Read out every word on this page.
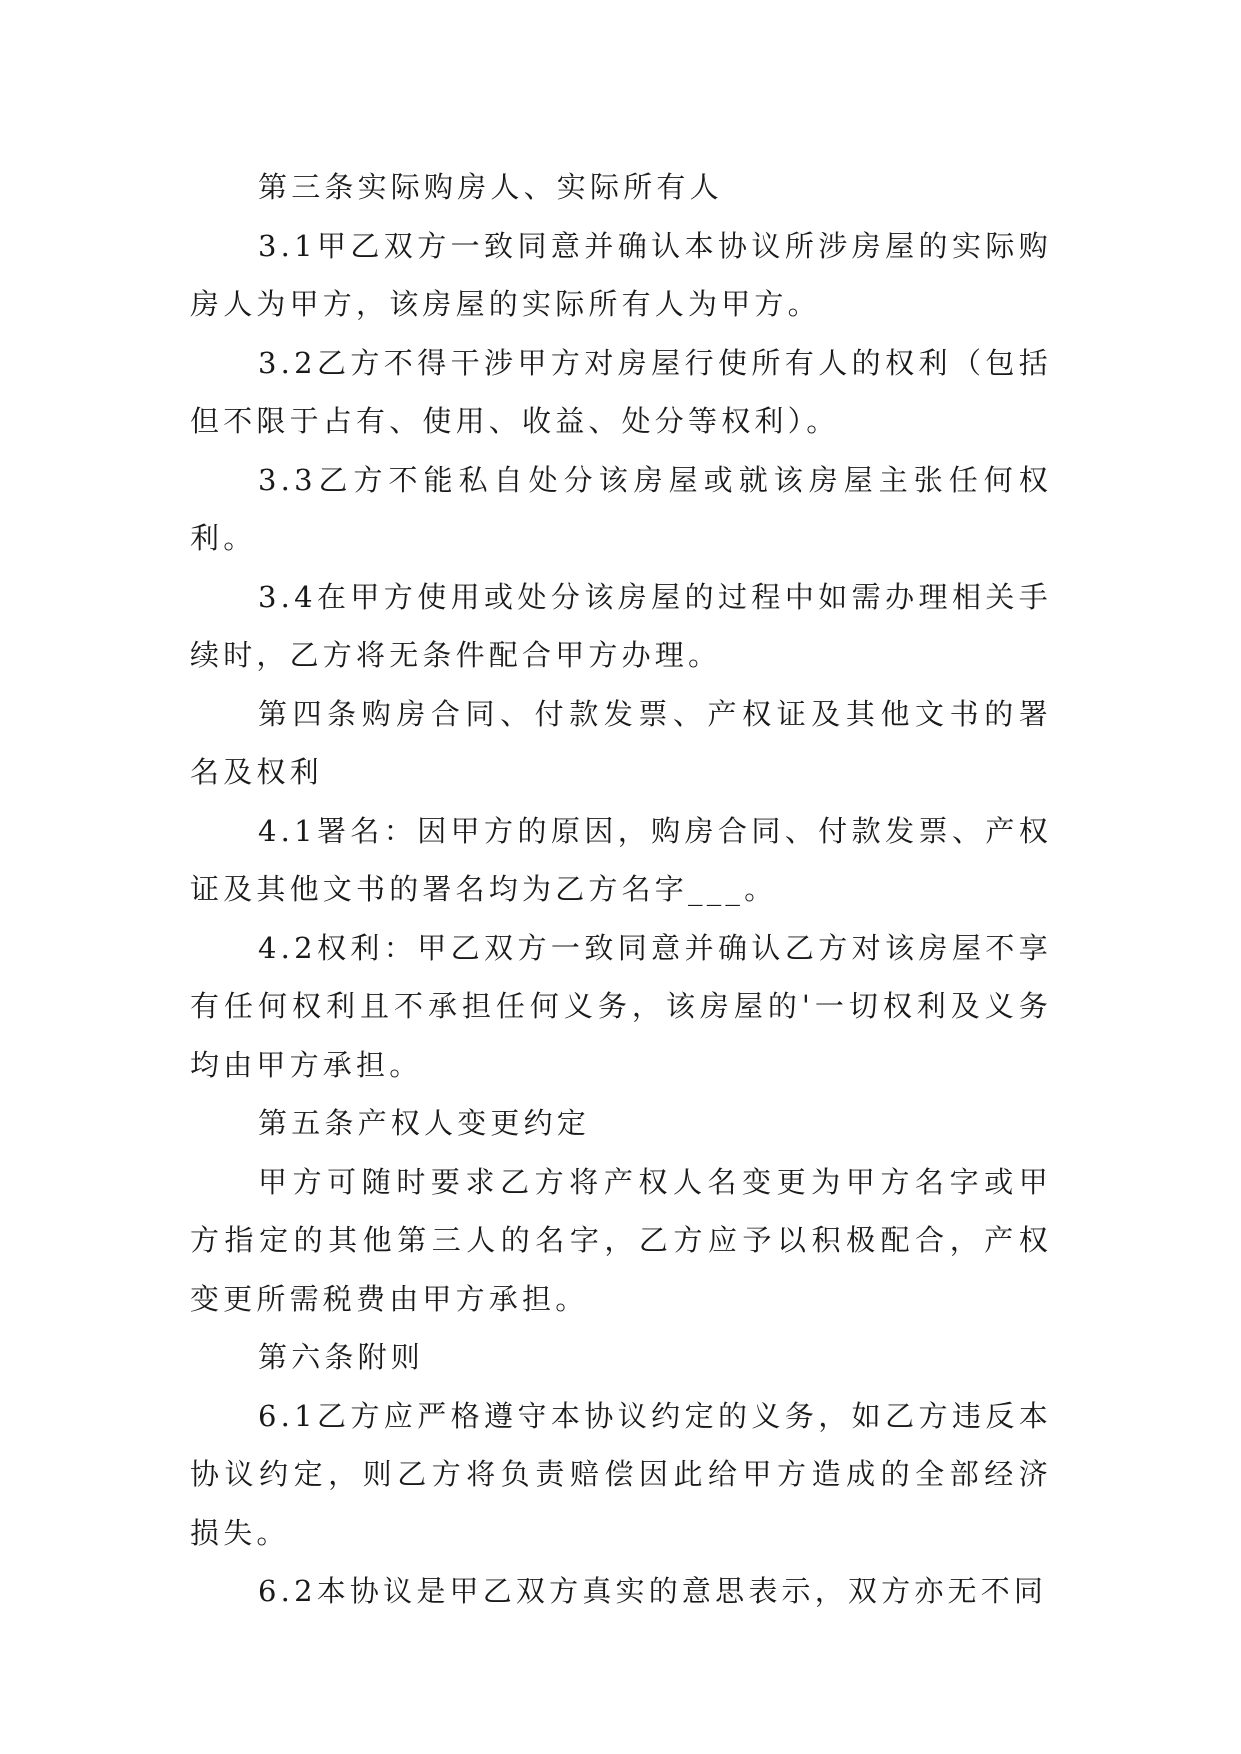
第三条实际购房人、实际所有人

3.1甲乙双方一致同意并确认本协议所涉房屋的实际购房人为甲方，该房屋的实际所有人为甲方。

3.2乙方不得干涉甲方对房屋行使所有人的权利（包括但不限于占有、使用、收益、处分等权利）。

3.3乙方不能私自处分该房屋或就该房屋主张任何权利。

3.4在甲方使用或处分该房屋的过程中如需办理相关手续时，乙方将无条件配合甲方办理。

第四条购房合同、付款发票、产权证及其他文书的署名及权利

4.1署名：因甲方的原因，购房合同、付款发票、产权证及其他文书的署名均为乙方名字___。

4.2权利：甲乙双方一致同意并确认乙方对该房屋不享有任何权利且不承担任何义务，该房屋的'一切权利及义务均由甲方承担。

第五条产权人变更约定

甲方可随时要求乙方将产权人名变更为甲方名字或甲方指定的其他第三人的名字，乙方应予以积极配合，产权变更所需税费由甲方承担。

第六条附则

6.1乙方应严格遵守本协议约定的义务，如乙方违反本协议约定，则乙方将负责赔偿因此给甲方造成的全部经济损失。

6.2本协议是甲乙双方真实的意思表示，双方亦无不同
